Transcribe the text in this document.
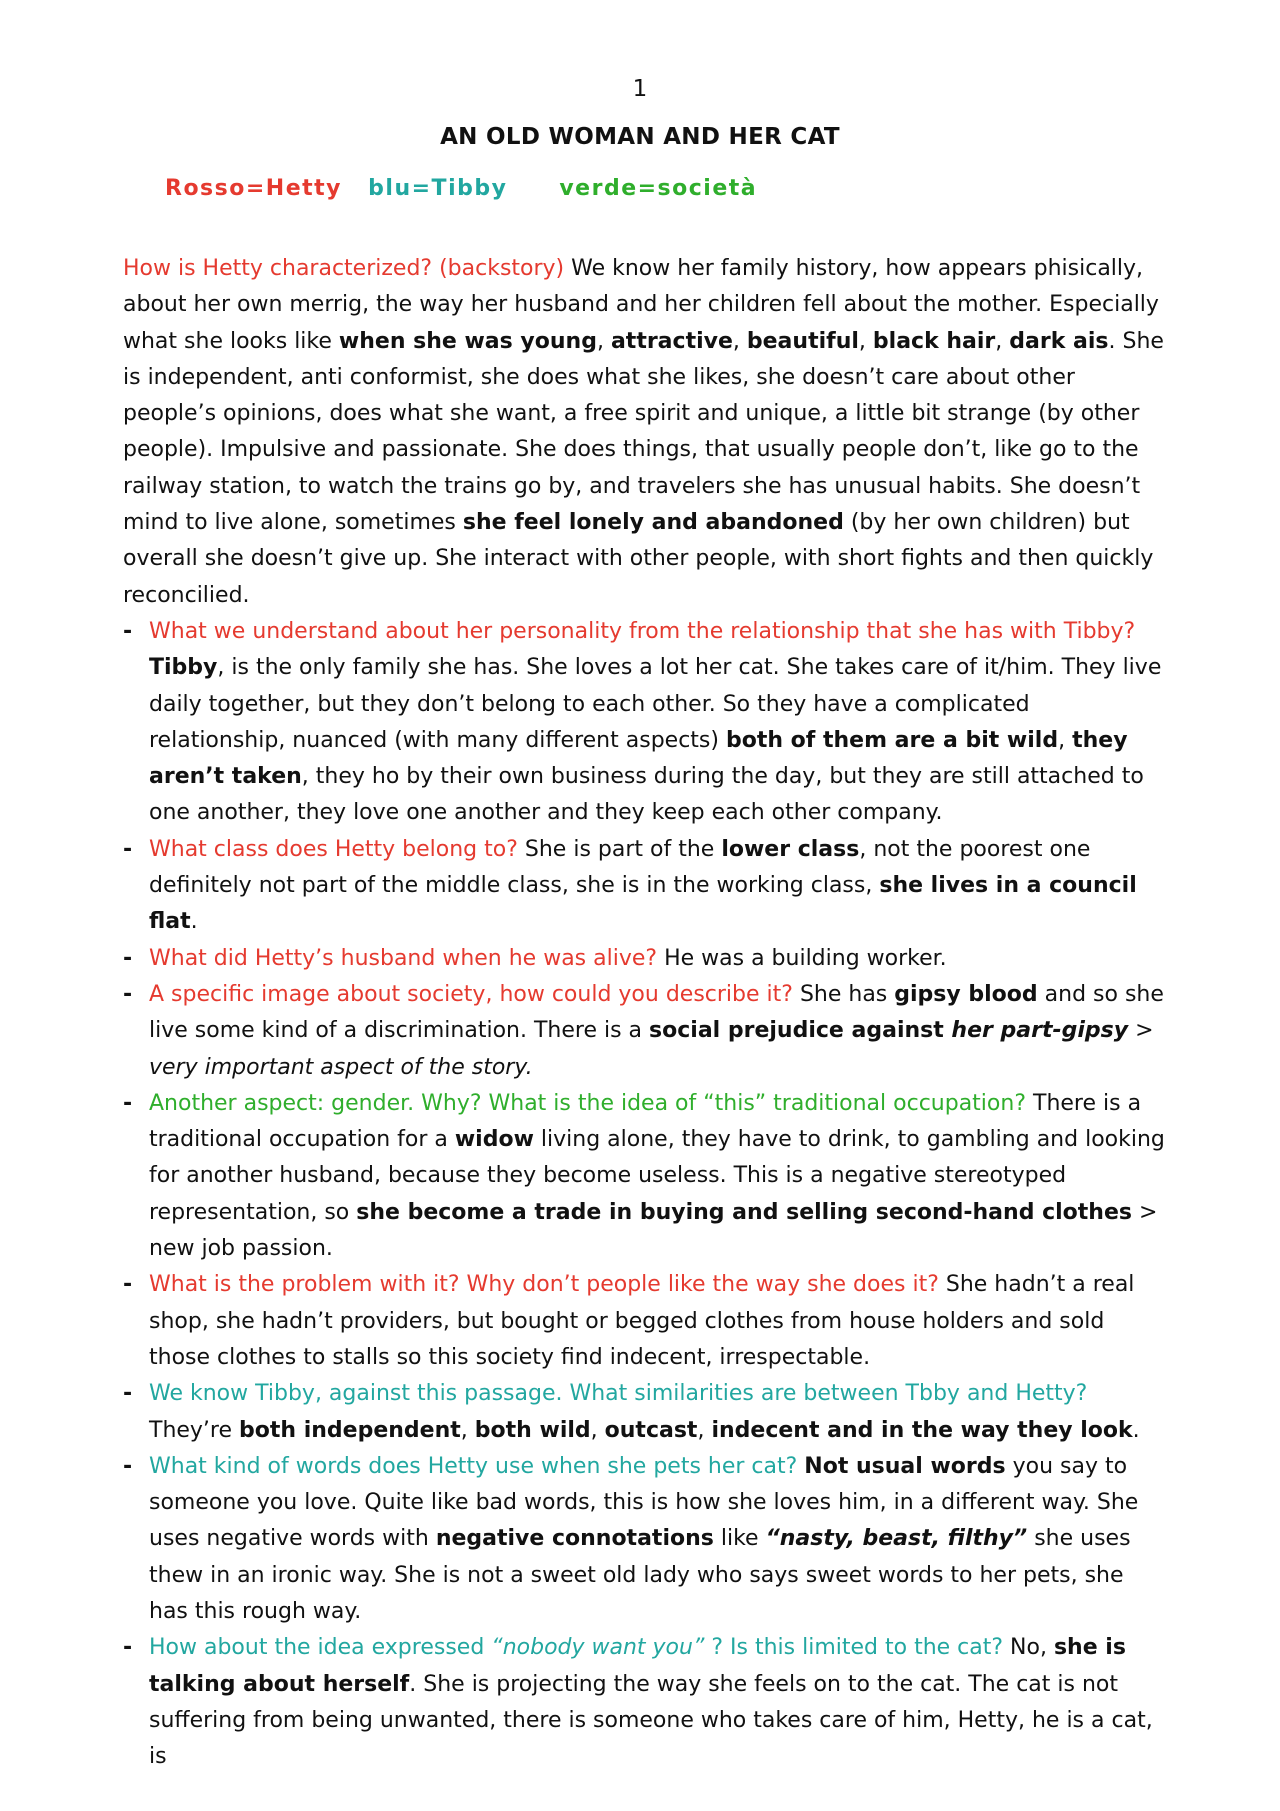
1
AN OLD WOMAN AND HER CAT
Rosso=Hetty blu=Tibby verde=società

How is Hetty characterized? (backstory) We know her family history, how appears phisically, about her own merrig, the way her husband and her children fell about the mother. Especially what she looks like when she was young, attractive, beautiful, black hair, dark ais. She is independent, anti conformist, she does what she likes, she doesn’t care about other people’s opinions, does what she want, a free spirit and unique, a little bit strange (by other people). Impulsive and passionate. She does things, that usually people don’t, like go to the railway station, to watch the trains go by, and travelers she has unusual habits. She doesn’t mind to live alone, sometimes she feel lonely and abandoned (by her own children) but overall she doesn’t give up. She interact with other people, with short fights and then quickly reconcilied.

- What we understand about her personality from the relationship that she has with Tibby? Tibby, is the only family she has. She loves a lot her cat. She takes care of it/him. They live daily together, but they don’t belong to each other. So they have a complicated relationship, nuanced (with many different aspects) both of them are a bit wild, they aren’t taken, they ho by their own business during the day, but they are still attached to one another, they love one another and they keep each other company.
- What class does Hetty belong to? She is part of the lower class, not the poorest one definitely not part of the middle class, she is in the working class, she lives in a council flat.
- What did Hetty’s husband when he was alive? He was a building worker.
- A specific image about society, how could you describe it? She has gipsy blood and so she live some kind of a discrimination. There is a social prejudice against her part-gipsy > very important aspect of the story.
- Another aspect: gender. Why? What is the idea of “this” traditional occupation? There is a traditional occupation for a widow living alone, they have to drink, to gambling and looking for another husband, because they become useless. This is a negative stereotyped representation, so she become a trade in buying and selling second-hand clothes > new job passion.
- What is the problem with it? Why don’t people like the way she does it? She hadn’t a real shop, she hadn’t providers, but bought or begged clothes from house holders and sold those clothes to stalls so this society find indecent, irrespectable.
- We know Tibby, against this passage. What similarities are between Tbby and Hetty? They’re both independent, both wild, outcast, indecent and in the way they look.
- What kind of words does Hetty use when she pets her cat? Not usual words you say to someone you love. Quite like bad words, this is how she loves him, in a different way. She uses negative words with negative connotations like “nasty, beast, filthy” she uses thew in an ironic way. She is not a sweet old lady who says sweet words to her pets, she has this rough way.
- How about the idea expressed “nobody want you” ? Is this limited to the cat? No, she is talking about herself. She is projecting the way she feels on to the cat. The cat is not suffering from being unwanted, there is someone who takes care of him, Hetty, he is a cat, is
